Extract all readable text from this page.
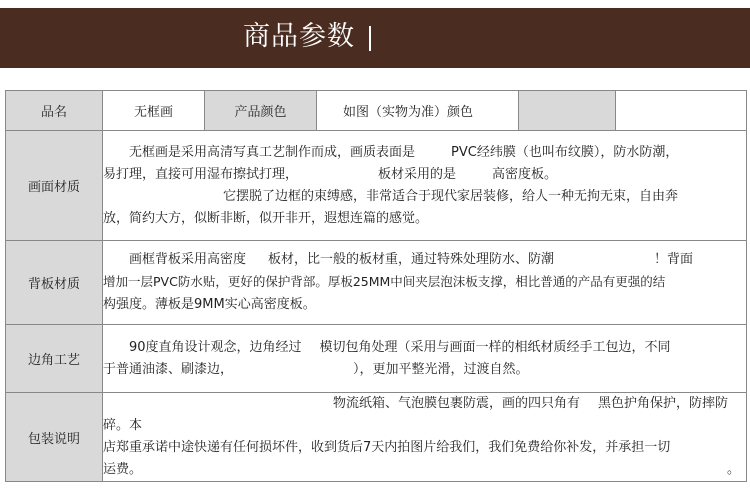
商品参数
品名	无框画	产品颜色	如图（实物为准）颜色		
画面材质	无框画是采用高清写真工艺制作而成，画质表面是 PVC经纬膜（也叫布纹膜），防水防潮，
易打理，直接可用湿布擦拭打理， 板材采用的是 高密度板。
它摆脱了边框的束缚感，非常适合于现代家居装修，给人一种无拘无束，自由奔
放，简约大方，似断非断，似开非开，遐想连篇的感觉。				
背板材质	画框背板采用高密度 板材，比一般的板材重，通过特殊处理防水、防潮 ！背面
增加一层PVC防水贴，更好的保护背部。厚板25MM中间夹层泡沫板支撑，相比普通的产品有更强的结
构强度。薄板是9MM实心高密度板。				
边角工艺	90度直角设计观念，边角经过 模切包角处理（采用与画面一样的相纸材质经手工包边，不同
于普通油漆、刷漆边， ），更加平整光滑，过渡自然。				
包装说明	物流纸箱、气泡膜包裹防震，画的四只角有 黑色护角保护，防摔防碎。本
店郑重承诺中途快递有任何损坏件，收到货后7天内拍图片给我们，我们免费给你补发，并承担一切
运费。 。				
